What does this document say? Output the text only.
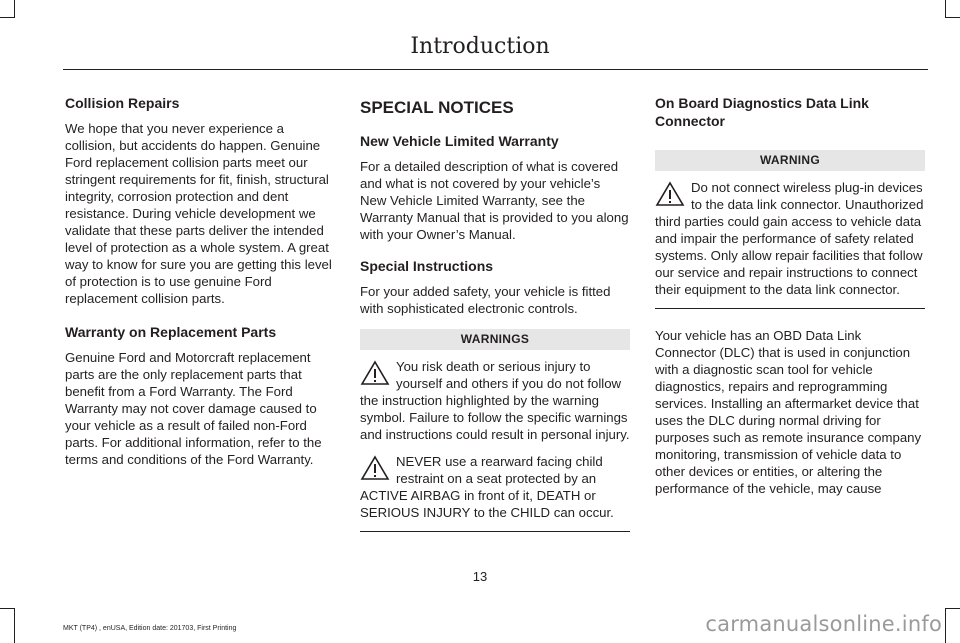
Introduction
Collision Repairs

We hope that you never experience a collision, but accidents do happen. Genuine Ford replacement collision parts meet our stringent requirements for fit, finish, structural integrity, corrosion protection and dent resistance. During vehicle development we validate that these parts deliver the intended level of protection as a whole system. A great way to know for sure you are getting this level of protection is to use genuine Ford replacement collision parts.

Warranty on Replacement Parts

Genuine Ford and Motorcraft replacement parts are the only replacement parts that benefit from a Ford Warranty. The Ford Warranty may not cover damage caused to your vehicle as a result of failed non-Ford parts. For additional information, refer to the terms and conditions of the Ford Warranty.

SPECIAL NOTICES
New Vehicle Limited Warranty

For a detailed description of what is covered and what is not covered by your vehicle’s New Vehicle Limited Warranty, see the Warranty Manual that is provided to you along with your Owner’s Manual.

Special Instructions

For your added safety, your vehicle is fitted with sophisticated electronic controls.

WARNINGS
You risk death or serious injury to yourself and others if you do not follow the instruction highlighted by the warning symbol. Failure to follow the specific warnings and instructions could result in personal injury.
NEVER use a rearward facing child restraint on a seat protected by an ACTIVE AIRBAG in front of it, DEATH or SERIOUS INJURY to the CHILD can occur.
On Board Diagnostics Data Link Connector
WARNING
Do not connect wireless plug-in devices to the data link connector. Unauthorized third parties could gain access to vehicle data and impair the performance of safety related systems. Only allow repair facilities that follow our service and repair instructions to connect their equipment to the data link connector.

Your vehicle has an OBD Data Link Connector (DLC) that is used in conjunction with a diagnostic scan tool for vehicle diagnostics, repairs and reprogramming services. Installing an aftermarket device that uses the DLC during normal driving for purposes such as remote insurance company monitoring, transmission of vehicle data to other devices or entities, or altering the performance of the vehicle, may cause

13
MKT (TP4) , enUSA, Edition date: 201703, First Printing	carmanualsonline.info
